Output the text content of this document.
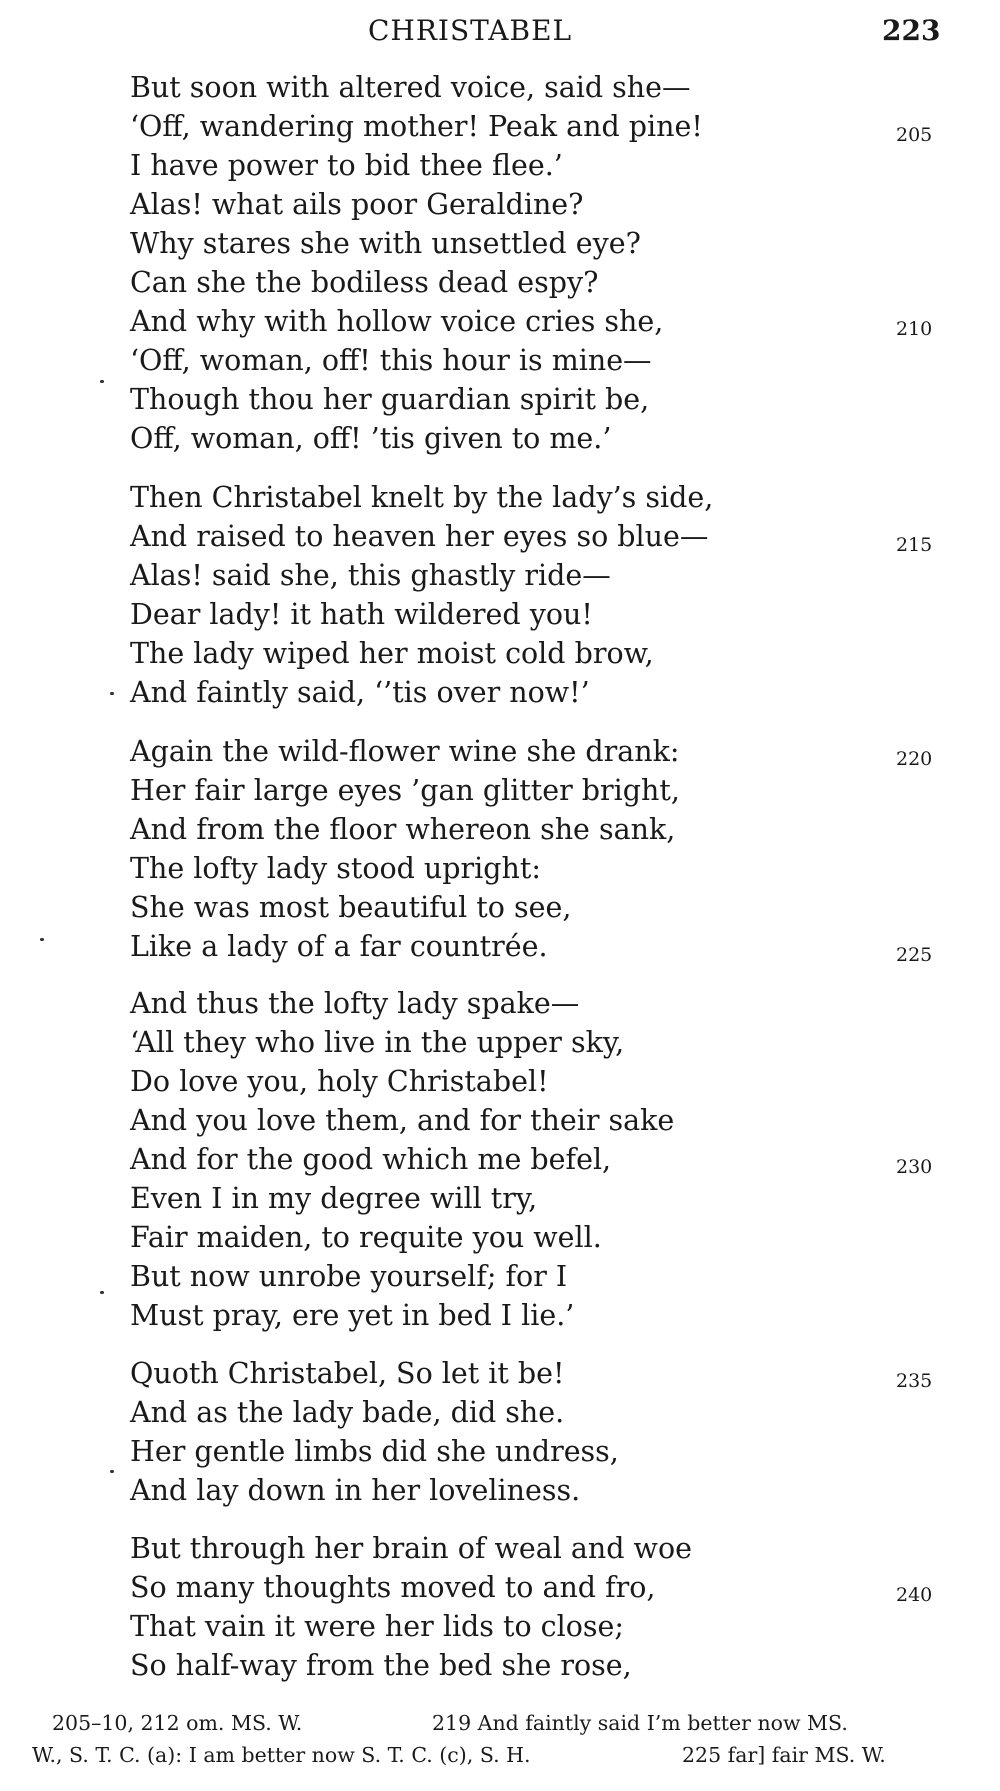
CHRISTABEL	223
But soon with altered voice, said she—
‘Off, wandering mother! Peak and pine!
I have power to bid thee flee.’
Alas! what ails poor Geraldine?
Why stares she with unsettled eye?
Can she the bodiless dead espy?
And why with hollow voice cries she,
‘Off, woman, off! this hour is mine—
Though thou her guardian spirit be,
Off, woman, off! ’tis given to me.’
Then Christabel knelt by the lady’s side,
And raised to heaven her eyes so blue—
Alas! said she, this ghastly ride—
Dear lady! it hath wildered you!
The lady wiped her moist cold brow,
And faintly said, ‘’tis over now!’
Again the wild-flower wine she drank:
Her fair large eyes ’gan glitter bright,
And from the floor whereon she sank,
The lofty lady stood upright:
She was most beautiful to see,
Like a lady of a far countrée.
And thus the lofty lady spake—
‘All they who live in the upper sky,
Do love you, holy Christabel!
And you love them, and for their sake
And for the good which me befel,
Even I in my degree will try,
Fair maiden, to requite you well.
But now unrobe yourself; for I
Must pray, ere yet in bed I lie.’
Quoth Christabel, So let it be!
And as the lady bade, did she.
Her gentle limbs did she undress,
And lay down in her loveliness.
But through her brain of weal and woe
So many thoughts moved to and fro,
That vain it were her lids to close;
So half-way from the bed she rose,
205
210
215
220
225
230
235
240
205–10, 212 om. MS. W.	219 And faintly said I’m better now MS.
W., S. T. C. (a): I am better now S. T. C. (c), S. H.	225 far] fair MS. W.
